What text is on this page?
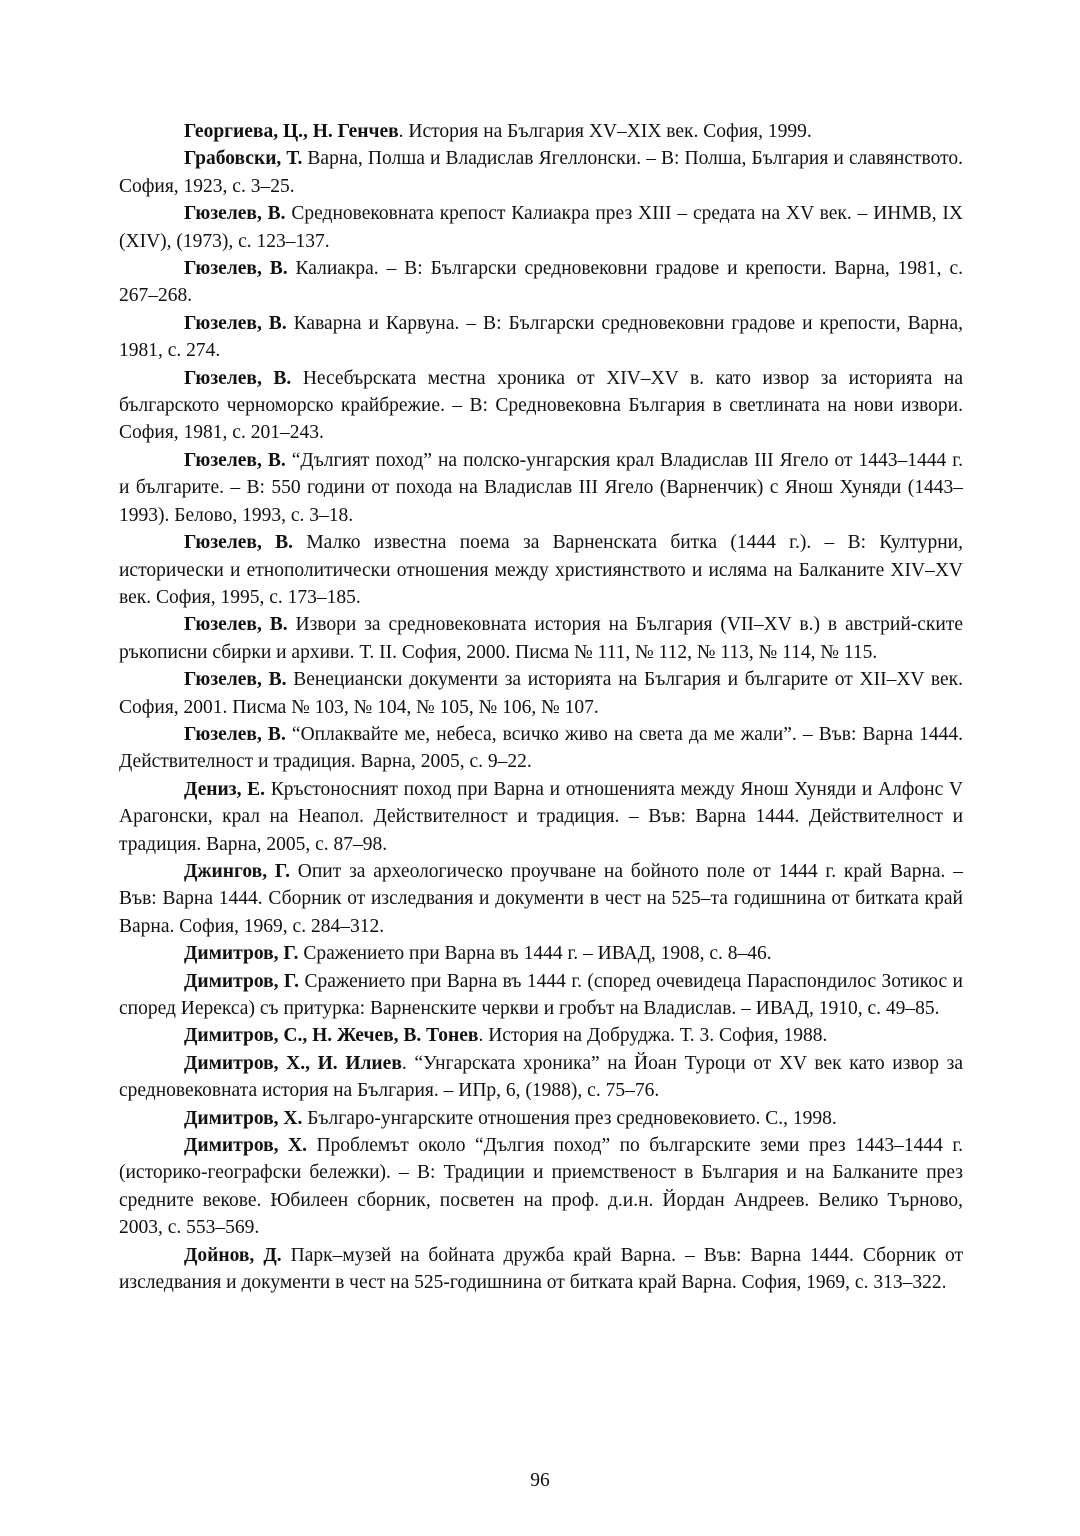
Георгиева, Ц., Н. Генчев. История на България XV–XIX век. София, 1999.

Грабовски, Т. Варна, Полша и Владислав Ягеллонски. – В: Полша, България и славянството. София, 1923, с. 3–25.

Гюзелев, В. Средновековната крепост Калиакра през XIII – средата на XV век. – ИНМВ, IX (XIV), (1973), с. 123–137.

Гюзелев, В. Калиакра. – В: Български средновековни градове и крепости. Варна, 1981, с. 267–268.

Гюзелев, В. Каварна и Карвуна. – В: Български средновековни градове и крепости, Варна, 1981, с. 274.

Гюзелев, В. Несебърската местна хроника от XIV–XV в. като извор за историята на българското черноморско крайбрежие. – В: Средновековна България в светлината на нови извори. София, 1981, с. 201–243.

Гюзелев, В. “Дългият поход” на полско-унгарския крал Владислав III Ягело от 1443–1444 г. и българите. – В: 550 години от похода на Владислав III Ягело (Варненчик) с Янош Хуняди (1443–1993). Белово, 1993, с. 3–18.

Гюзелев, В. Малко известна поема за Варненската битка (1444 г.). – В: Културни, исторически и етнополитически отношения между християнството и исляма на Балканите XIV–XV век. София, 1995, с. 173–185.

Гюзелев, В. Извори за средновековната история на България (VII–XV в.) в австрий-ските ръкописни сбирки и архиви. Т. II. София, 2000. Писма № 111, № 112, № 113, № 114, № 115.

Гюзелев, В. Венециански документи за историята на България и българите от XII–XV век. София, 2001. Писма № 103, № 104, № 105, № 106, № 107.

Гюзелев, В. “Оплаквайте ме, небеса, всичко живо на света да ме жали”. – Във: Варна 1444. Действителност и традиция. Варна, 2005, с. 9–22.

Дениз, Е. Кръстоносният поход при Варна и отношенията между Янош Хуняди и Алфонс V Арагонски, крал на Неапол. Действителност и традиция. – Във: Варна 1444. Действителност и традиция. Варна, 2005, с. 87–98.

Джингов, Г. Опит за археологическо проучване на бойното поле от 1444 г. край Варна. – Във: Варна 1444. Сборник от изследвания и документи в чест на 525–та годишнина от битката край Варна. София, 1969, с. 284–312.

Димитров, Г. Сражението при Варна въ 1444 г. – ИВАД, 1908, с. 8–46.

Димитров, Г. Сражението при Варна въ 1444 г. (според очевидеца Параспондилос Зотикос и според Иерекса) съ притурка: Варненските черкви и гробът на Владислав. – ИВАД, 1910, с. 49–85.

Димитров, С., Н. Жечев, В. Тонев. История на Добруджа. Т. 3. София, 1988.

Димитров, Х., И. Илиев. “Унгарската хроника” на Йоан Туроци от XV век като извор за средновековната история на България. – ИПр, 6, (1988), с. 75–76.

Димитров, Х. Българо-унгарските отношения през средновековието. С., 1998.

Димитров, Х. Проблемът около “Дългия поход” по българските земи през 1443–1444 г. (историко-географски бележки). – В: Традиции и приемственост в България и на Балканите през средните векове. Юбилеен сборник, посветен на проф. д.и.н. Йордан Андреев. Велико Търново, 2003, с. 553–569.

Дойнов, Д. Парк–музей на бойната дружба край Варна. – Във: Варна 1444. Сборник от изследвания и документи в чест на 525-годишнина от битката край Варна. София, 1969, с. 313–322.

96
